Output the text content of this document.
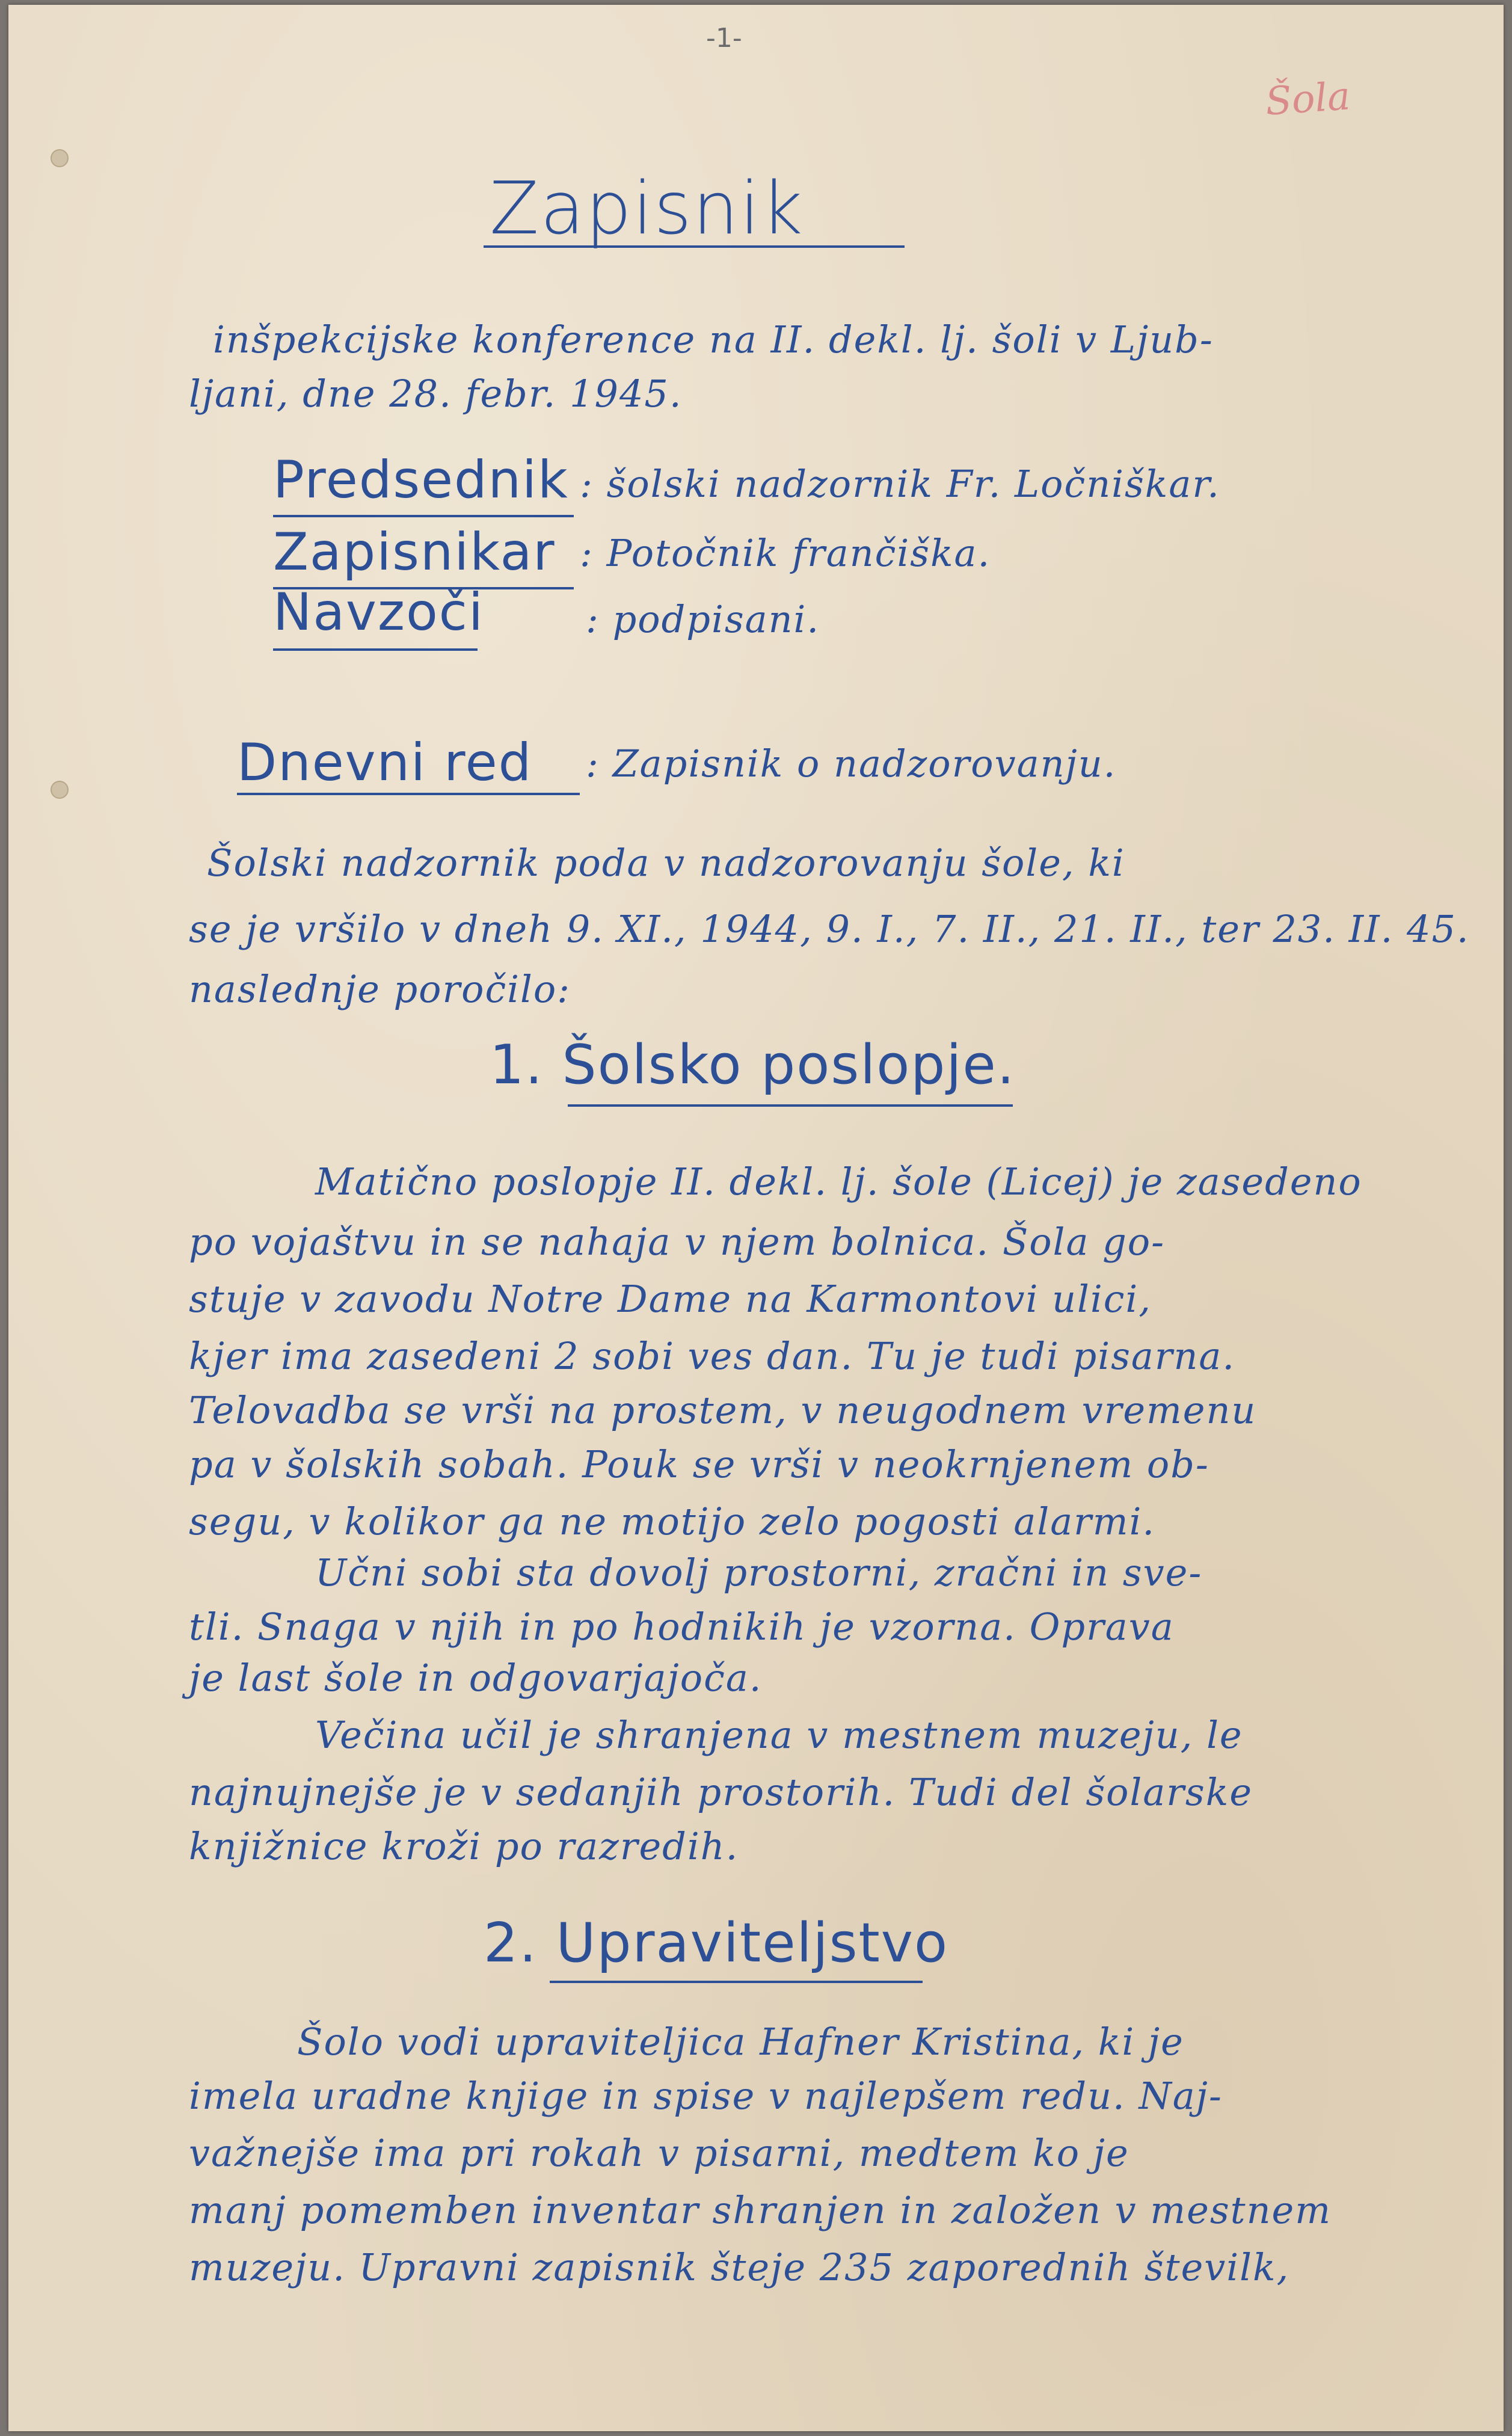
-1-
Šola
Zapisnik
inšpekcijske konference na II. dekl. lj. šoli v Ljub-
ljani, dne 28. febr. 1945.
Predsednik : šolski nadzornik Fr. Ločniškar.
Zapisnikar : Potočnik frančiška.
Navzoči	: podpisani.
Dnevni red : Zapisnik o nadzorovanju.
Šolski nadzornik poda v nadzorovanju šole, ki
se je vršilo v dneh 9. XI., 1944, 9. I., 7. II., 21. II., ter 23. II. 45.
naslednje poročilo:
1. Šolsko poslopje.
Matično poslopje II. dekl. lj. šole (Licej) je zasedeno
po vojaštvu in se nahaja v njem bolnica. Šola go-
stuje v zavodu Notre Dame na Karmontovi ulici,
kjer ima zasedeni 2 sobi ves dan. Tu je tudi pisarna.
Telovadba se vrši na prostem, v neugodnem vremenu
pa v šolskih sobah. Pouk se vrši v neokrnjenem ob-
segu, v kolikor ga ne motijo zelo pogosti alarmi.
Učni sobi sta dovolj prostorni, zračni in sve-
tli. Snaga v njih in po hodnikih je vzorna. Oprava
je last šole in odgovarjajoča.
Večina učil je shranjena v mestnem muzeju, le
najnujnejše je v sedanjih prostorih. Tudi del šolarske
knjižnice kroži po razredih.
2. Upraviteljstvo
Šolo vodi upraviteljica Hafner Kristina, ki je
imela uradne knjige in spise v najlepšem redu. Naj-
važnejše ima pri rokah v pisarni, medtem ko je
manj pomemben inventar shranjen in založen v mestnem
muzeju. Upravni zapisnik šteje 235 zaporednih številk,
